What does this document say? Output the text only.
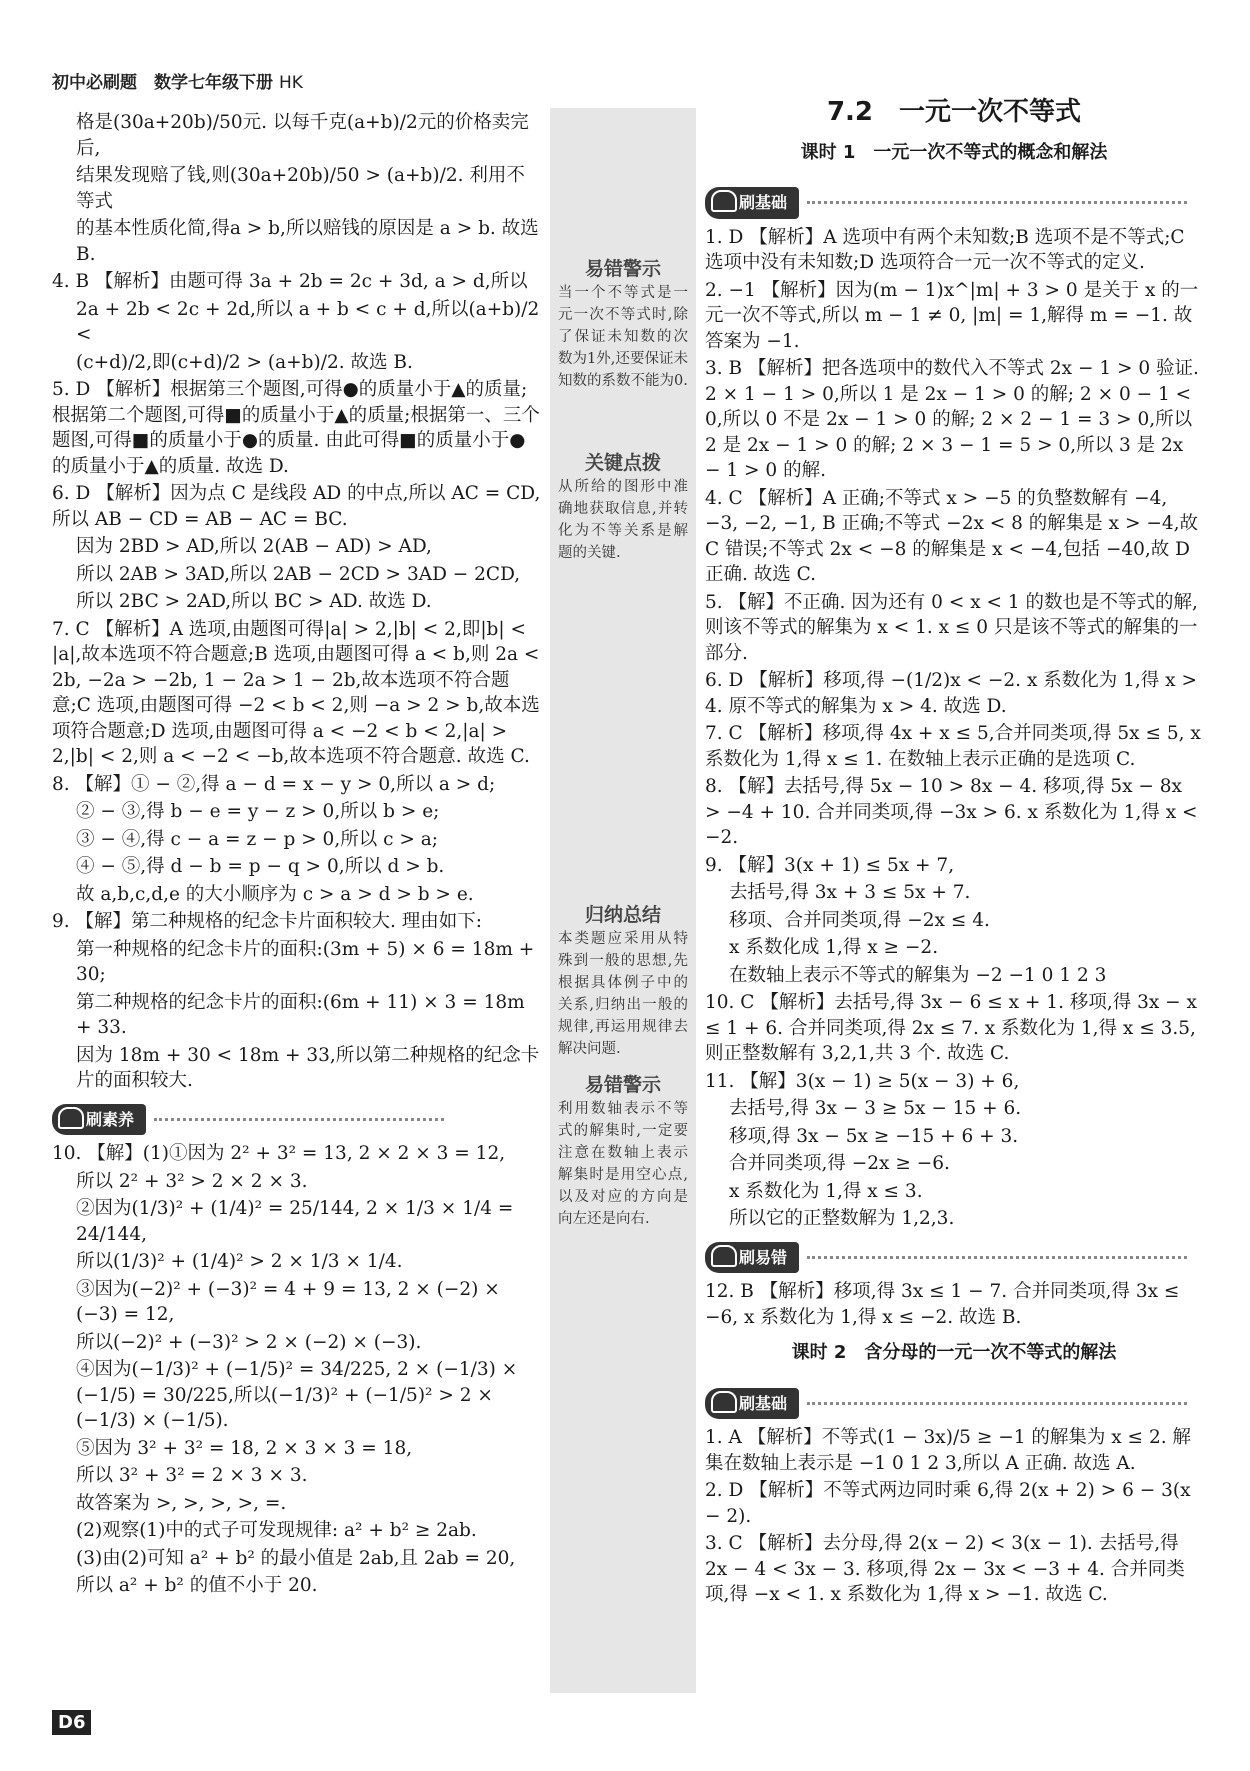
初中必刷题　数学七年级下册 HK

格是(30a+20b)/50元. 以每千克(a+b)/2元的价格卖完后,

结果发现赔了钱,则(30a+20b)/50 > (a+b)/2. 利用不等式

的基本性质化简,得a > b,所以赔钱的原因是 a > b. 故选 B.

4. B 【解析】由题可得 3a + 2b = 2c + 3d, a > d,所以

2a + 2b < 2c + 2d,所以 a + b < c + d,所以(a+b)/2 <

(c+d)/2,即(c+d)/2 > (a+b)/2. 故选 B.

5. D 【解析】根据第三个题图,可得●的质量小于▲的质量;根据第二个题图,可得■的质量小于▲的质量;根据第一、三个题图,可得■的质量小于●的质量. 由此可得■的质量小于●的质量小于▲的质量. 故选 D.

6. D 【解析】因为点 C 是线段 AD 的中点,所以 AC = CD,所以 AB − CD = AB − AC = BC.

因为 2BD > AD,所以 2(AB − AD) > AD,

所以 2AB > 3AD,所以 2AB − 2CD > 3AD − 2CD,

所以 2BC > 2AD,所以 BC > AD. 故选 D.

7. C 【解析】A 选项,由题图可得|a| > 2,|b| < 2,即|b| < |a|,故本选项不符合题意;B 选项,由题图可得 a < b,则 2a < 2b, −2a > −2b, 1 − 2a > 1 − 2b,故本选项不符合题意;C 选项,由题图可得 −2 < b < 2,则 −a > 2 > b,故本选项符合题意;D 选项,由题图可得 a < −2 < b < 2,|a| > 2,|b| < 2,则 a < −2 < −b,故本选项不符合题意. 故选 C.

8. 【解】① − ②,得 a − d = x − y > 0,所以 a > d;

② − ③,得 b − e = y − z > 0,所以 b > e;

③ − ④,得 c − a = z − p > 0,所以 c > a;

④ − ⑤,得 d − b = p − q > 0,所以 d > b.

故 a,b,c,d,e 的大小顺序为 c > a > d > b > e.

9. 【解】第二种规格的纪念卡片面积较大. 理由如下:

第一种规格的纪念卡片的面积:(3m + 5) × 6 = 18m + 30;

第二种规格的纪念卡片的面积:(6m + 11) × 3 = 18m + 33.

因为 18m + 30 < 18m + 33,所以第二种规格的纪念卡片的面积较大.

刷素养

10. 【解】(1)①因为 2² + 3² = 13, 2 × 2 × 3 = 12,

所以 2² + 3² > 2 × 2 × 3.

②因为(1/3)² + (1/4)² = 25/144, 2 × 1/3 × 1/4 = 24/144,

所以(1/3)² + (1/4)² > 2 × 1/3 × 1/4.

③因为(−2)² + (−3)² = 4 + 9 = 13, 2 × (−2) × (−3) = 12,

所以(−2)² + (−3)² > 2 × (−2) × (−3).

④因为(−1/3)² + (−1/5)² = 34/225, 2 × (−1/3) × (−1/5) = 30/225,所以(−1/3)² + (−1/5)² > 2 × (−1/3) × (−1/5).

⑤因为 3² + 3² = 18, 2 × 3 × 3 = 18,

所以 3² + 3² = 2 × 3 × 3.

故答案为 >, >, >, >, =.

(2)观察(1)中的式子可发现规律: a² + b² ≥ 2ab.

(3)由(2)可知 a² + b² 的最小值是 2ab,且 2ab = 20,

所以 a² + b² 的值不小于 20.

易错警示
当一个不等式是一元一次不等式时,除了保证未知数的次数为1外,还要保证未知数的系数不能为0.
关键点拨
从所给的图形中准确地获取信息,并转化为不等关系是解题的关键.
归纳总结
本类题应采用从特殊到一般的思想,先根据具体例子中的关系,归纳出一般的规律,再运用规律去解决问题.
易错警示
利用数轴表示不等式的解集时,一定要注意在数轴上表示解集时是用空心点,以及对应的方向是向左还是向右.

7.2　一元一次不等式

课时 1　一元一次不等式的概念和解法

刷基础

1. D 【解析】A 选项中有两个未知数;B 选项不是不等式;C 选项中没有未知数;D 选项符合一元一次不等式的定义.

2. −1 【解析】因为(m − 1)x^|m| + 3 > 0 是关于 x 的一元一次不等式,所以 m − 1 ≠ 0, |m| = 1,解得 m = −1. 故答案为 −1.

3. B 【解析】把各选项中的数代入不等式 2x − 1 > 0 验证. 2 × 1 − 1 > 0,所以 1 是 2x − 1 > 0 的解; 2 × 0 − 1 < 0,所以 0 不是 2x − 1 > 0 的解; 2 × 2 − 1 = 3 > 0,所以 2 是 2x − 1 > 0 的解; 2 × 3 − 1 = 5 > 0,所以 3 是 2x − 1 > 0 的解.

4. C 【解析】A 正确;不等式 x > −5 的负整数解有 −4, −3, −2, −1, B 正确;不等式 −2x < 8 的解集是 x > −4,故 C 错误;不等式 2x < −8 的解集是 x < −4,包括 −40,故 D 正确. 故选 C.

5. 【解】不正确. 因为还有 0 < x < 1 的数也是不等式的解,则该不等式的解集为 x < 1. x ≤ 0 只是该不等式的解集的一部分.

6. D 【解析】移项,得 −(1/2)x < −2. x 系数化为 1,得 x > 4. 原不等式的解集为 x > 4. 故选 D.

7. C 【解析】移项,得 4x + x ≤ 5,合并同类项,得 5x ≤ 5, x 系数化为 1,得 x ≤ 1. 在数轴上表示正确的是选项 C.

8. 【解】去括号,得 5x − 10 > 8x − 4. 移项,得 5x − 8x > −4 + 10. 合并同类项,得 −3x > 6. x 系数化为 1,得 x < −2.

9. 【解】3(x + 1) ≤ 5x + 7,

去括号,得 3x + 3 ≤ 5x + 7.

移项、合并同类项,得 −2x ≤ 4.

x 系数化成 1,得 x ≥ −2.

在数轴上表示不等式的解集为 −2 −1 0 1 2 3

10. C 【解析】去括号,得 3x − 6 ≤ x + 1. 移项,得 3x − x ≤ 1 + 6. 合并同类项,得 2x ≤ 7. x 系数化为 1,得 x ≤ 3.5,则正整数解有 3,2,1,共 3 个. 故选 C.

11. 【解】3(x − 1) ≥ 5(x − 3) + 6,

去括号,得 3x − 3 ≥ 5x − 15 + 6.

移项,得 3x − 5x ≥ −15 + 6 + 3.

合并同类项,得 −2x ≥ −6.

x 系数化为 1,得 x ≤ 3.

所以它的正整数解为 1,2,3.

刷易错

12. B 【解析】移项,得 3x ≤ 1 − 7. 合并同类项,得 3x ≤ −6, x 系数化为 1,得 x ≤ −2. 故选 B.

课时 2　含分母的一元一次不等式的解法

刷基础

1. A 【解析】不等式(1 − 3x)/5 ≥ −1 的解集为 x ≤ 2. 解集在数轴上表示是 −1 0 1 2 3,所以 A 正确. 故选 A.

2. D 【解析】不等式两边同时乘 6,得 2(x + 2) > 6 − 3(x − 2).

3. C 【解析】去分母,得 2(x − 2) < 3(x − 1). 去括号,得 2x − 4 < 3x − 3. 移项,得 2x − 3x < −3 + 4. 合并同类项,得 −x < 1. x 系数化为 1,得 x > −1. 故选 C.

D6
